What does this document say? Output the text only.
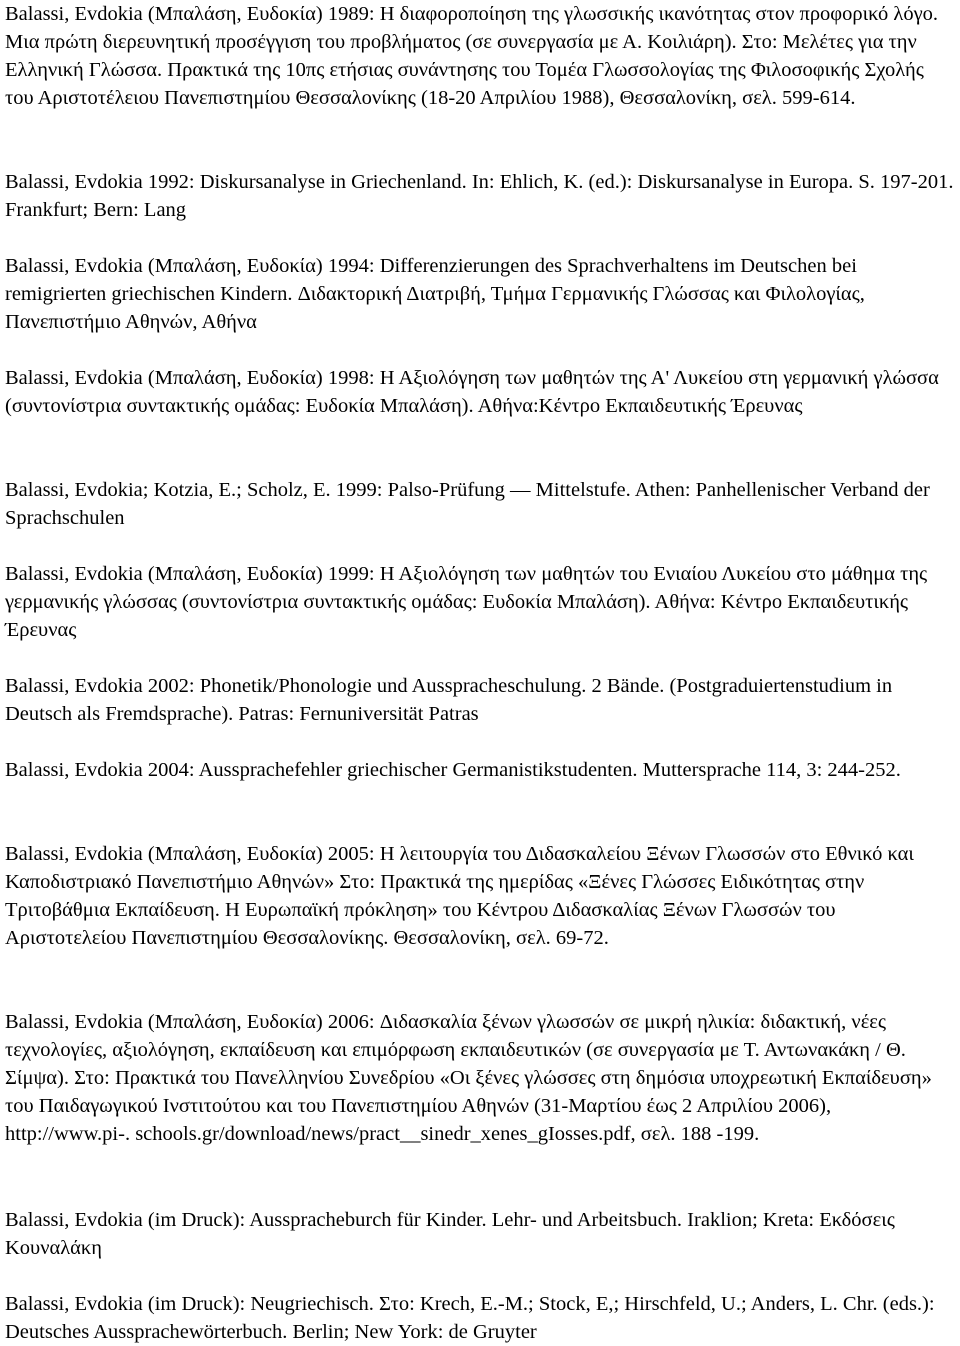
Balassi, Evdokia (Μπαλάση, Ευδοκία) 1989: Η διαφοροποίηση της γλωσσικής ικανότητας στον προφορικό λόγο. Μια πρώτη διερευνητική προσέγγιση του προβλήματος (σε συνεργασία με Α. Κοιλιάρη). Στο: Μελέτες για την Ελληνική Γλώσσα. Πρακτικά της 10πς ετήσιας συνάντησης του Τομέα Γλωσσολογίας της Φιλοσοφικής Σχολής του Αριστοτέλειου Πανεπιστημίου Θεσσαλονίκης (18-20 Απριλίου 1988), Θεσσαλονίκη, σελ. 599-614.

Balassi, Evdokia 1992: Diskursanalyse in Griechenland. In: Ehlich, K. (ed.): Diskursanalyse in Europa. S. 197-201. Frankfurt; Bern: Lang

Balassi, Evdokia (Μπαλάση, Ευδοκία) 1994: Differenzierungen des Sprachverhaltens im Deutschen bei remigrierten griechischen Kindern. Διδακτορική Διατριβή, Τμήμα Γερμανικής Γλώσσας και Φιλολογίας, Πανεπιστήμιο Αθηνών, Αθήνα

Balassi, Evdokia (Μπαλάση, Ευδοκία) 1998: Η Αξιολόγηση των μαθητών της Α' Λυκείου στη γερμανική γλώσσα (συντονίστρια συντακτικής ομάδας: Ευδοκία Μπαλάση). Αθήνα:Κέντρο Εκπαιδευτικής Έρευνας

Balassi, Evdokia; Kotzia, E.; Scholz, E. 1999: Palso-Prüfung — Mittelstufe. Athen: Panhellenischer Verband der Sprachschulen

Balassi, Evdokia (Μπαλάση, Ευδοκία) 1999: Η Αξιολόγηση των μαθητών του Ενιαίου Λυκείου στο μάθημα της γερμανικής γλώσσας (συντονίστρια συντακτικής ομάδας: Ευδοκία Μπαλάση). Αθήνα: Κέντρο Εκπαιδευτικής Έρευνας

Balassi, Evdokia 2002: Phonetik/Phonologie und Ausspracheschulung. 2 Bände. (Postgraduiertenstudium in Deutsch als Fremdsprache). Patras: Fernuniversität Patras

Balassi, Evdokia 2004: Aussprachefehler griechischer Germanistikstudenten. Muttersprache 114, 3: 244-252.

Balassi, Evdokia (Μπαλάση, Ευδοκία) 2005: Η λειτουργία του Διδασκαλείου Ξένων Γλωσσών στο Εθνικό και Καποδιστριακό Πανεπιστήμιο Αθηνών» Στο: Πρακτικά της ημερίδας «Ξένες Γλώσσες Ειδικότητας στην Τριτοβάθμια Εκπαίδευση. Η Ευρωπαϊκή πρόκληση» του Κέντρου Διδασκαλίας Ξένων Γλωσσών του Αριστοτελείου Πανεπιστημίου Θεσσαλονίκης. Θεσσαλονίκη, σελ. 69-72.

Balassi, Evdokia (Μπαλάση, Ευδοκία) 2006: Διδασκαλία ξένων γλωσσών σε μικρή ηλικία: διδακτική, νέες τεχνολογίες, αξιολόγηση, εκπαίδευση και επιμόρφωση εκπαιδευτικών (σε συνεργασία με Τ. Αντωνακάκη / Θ. Σίμψα). Στο: Πρακτικά του Πανελληνίου Συνεδρίου «Οι ξένες γλώσσες στη δημόσια υποχρεωτική Εκπαίδευση» του Παιδαγωγικού Ινστιτούτου και του Πανεπιστημίου Αθηνών (31-Μαρτίου έως 2 Απριλίου 2006), http://www.pi-. schools.gr/download/news/pract__sinedr_xenes_gIosses.pdf, σελ. 188 -199.

Balassi, Evdokia (im Druck): Ausspracheburch für Kinder. Lehr- und Arbeitsbuch. Iraklion; Kreta: Εκδόσεις Κουναλάκη

Balassi, Evdokia (im Druck): Neugriechisch. Στο: Krech, E.-M.; Stock, E,; Hirschfeld, U.; Anders, L. Chr. (eds.): Deutsches Aussprachewörterbuch. Berlin; New York: de Gruyter
